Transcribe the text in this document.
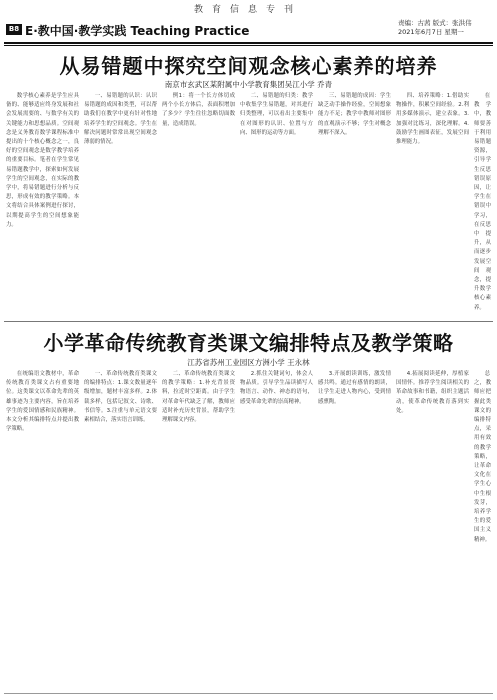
教育信息专刊
B8 E·教中国·教学实践 Teaching Practice
责编：古茜 版式：张洪伟
2021年6月7日 星期一
从易错题中探究空间观念核心素养的培养
南京市玄武区某附属中小学教育集团吴江小学 乔青

数学核心素养是学生应具备的、能够适应终身发展和社会发展需要的、与数学有关的关键能力和思想品质。空间观念是义务教育数学课程标准中提出的十个核心概念之一，良好的空间观念是数学教学培养的重要目标。笔者在学生常见易错题教学中，探索如何发展学生的空间观念，在实际的教学中，将易错题进行分析与反思，形成有效的教学策略。本文将结合具体案例进行探讨，以期提高学生的空间想象能力。

一、易错题的认识：认识易错题的成因和类型，可以帮助我们在教学中更有针对性地培养学生的空间观念。学生在解决问题时常常出现空间观念薄弱的情况。

例1：将一个长方体切成两个小长方体后，表面积增加了多少？学生往往忽略切面数量，造成错误。

二、易错题的归类：教学中收集学生易错题，对其进行归类整理，可以看出主要集中在对图形的认识、位置与方向、图形的运动等方面。

三、易错题的成因：学生缺乏动手操作经验，空间想象能力不足；教学中教师对图形的直观演示不够；学生对概念理解不深入。

四、培养策略：1.借助实物操作，积累空间经验。2.利用多媒体演示，建立表象。3.加强对比练习，深化理解。4.鼓励学生画图表征，发展空间推理能力。

在教学中，教师要善于利用易错题资源，引导学生反思错误原因，让学生在错误中学习，在反思中提升，从而逐步发展空间观念，提升数学核心素养。

小学革命传统教育类课文编排特点及教学策略
江苏省苏州工业园区方洲小学 王永林

在统编语文教材中，革命传统教育类课文占有重要地位。这类课文以革命先辈的英雄事迹为主要内容，旨在培养学生的爱国情感和民族精神。本文分析其编排特点并提出教学策略。

一、革命传统教育类课文的编排特点：1.课文数量逐年级增加，题材丰富多样。2.体裁多样，包括记叙文、诗歌、书信等。3.注重与单元语文要素相结合，落实语言训练。

二、革命传统教育类课文的教学策略：1.补充背景资料，拉近时空距离。由于学生对革命年代缺乏了解，教师应适时补充历史背景，帮助学生理解课文内容。

2.抓住关键词句，体会人物品质。引导学生品读描写人物语言、动作、神态的语句，感受革命先辈的崇高精神。

3.开展朗读训练，激发情感共鸣。通过有感情的朗读，让学生走进人物内心，受到情感熏陶。

4.拓展阅读延伸，厚植家国情怀。推荐学生阅读相关的革命故事和书籍，组织主题活动，使革命传统教育落到实处。

总之，教师应把握此类课文的编排特点，采用有效的教学策略，让革命文化在学生心中生根发芽，培养学生的爱国主义精神。
